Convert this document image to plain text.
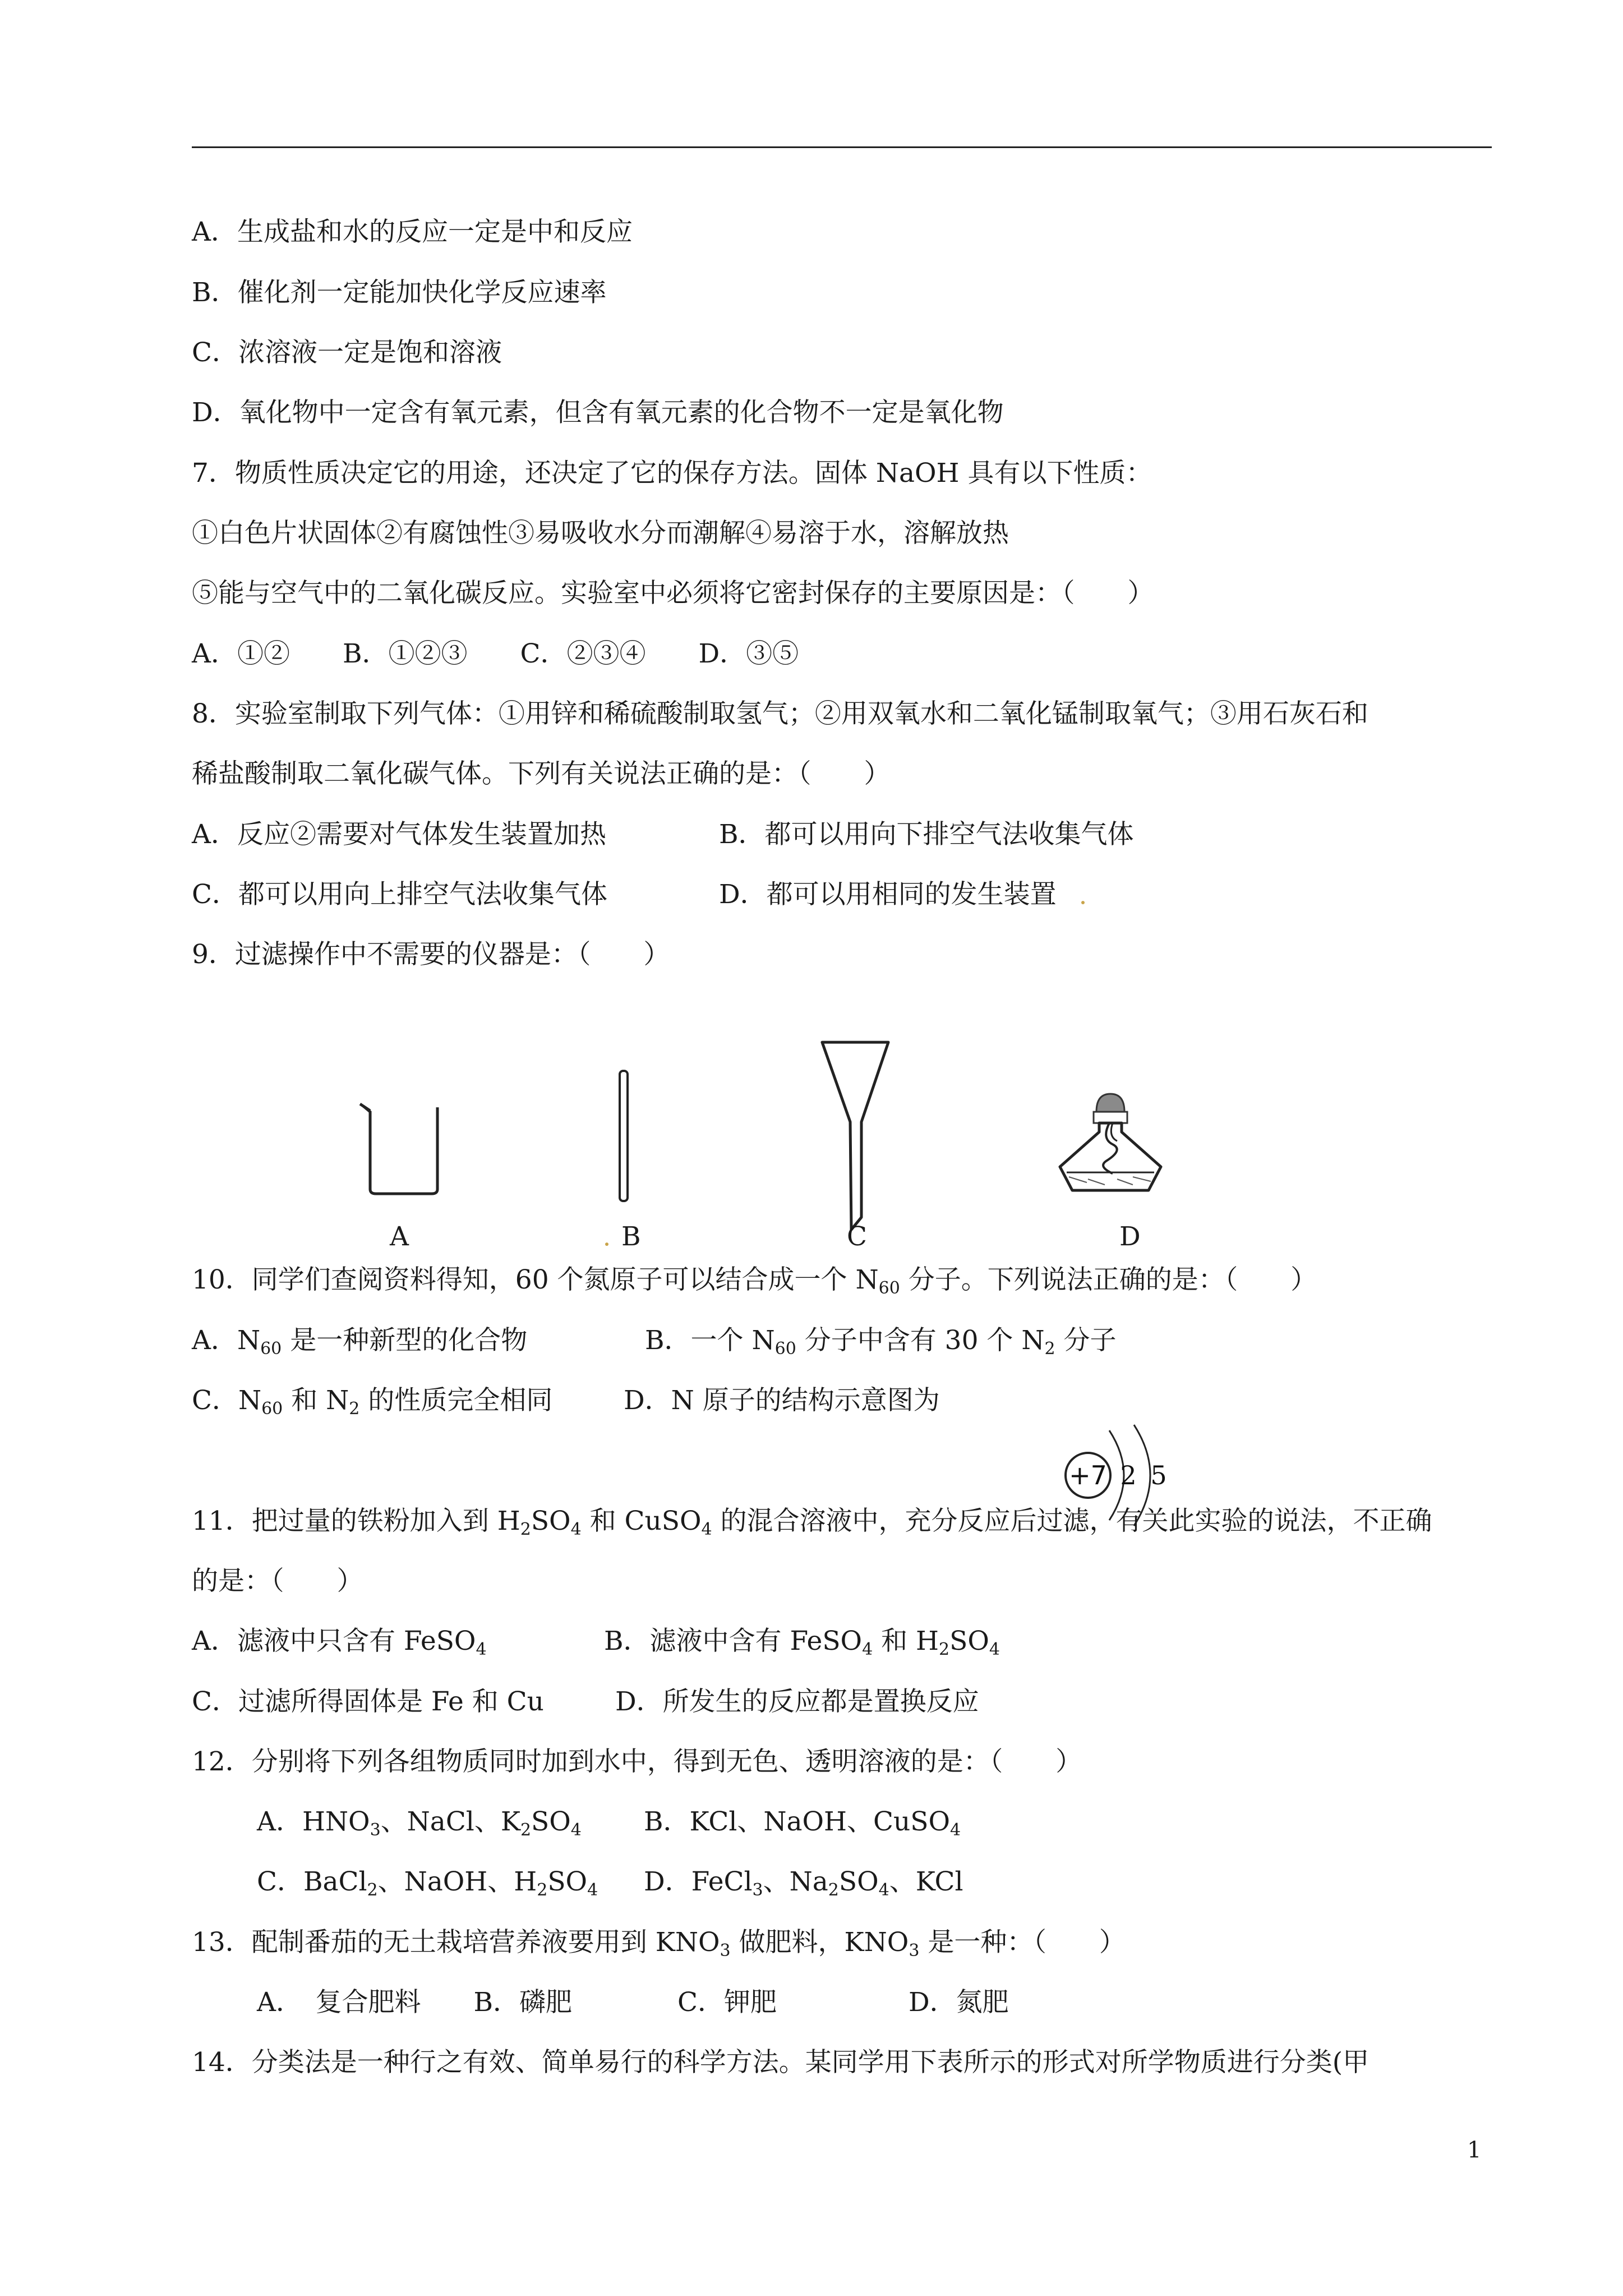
A．生成盐和水的反应一定是中和反应
B．催化剂一定能加快化学反应速率
C．浓溶液一定是饱和溶液
D．氧化物中一定含有氧元素，但含有氧元素的化合物不一定是氧化物
7．物质性质决定它的用途，还决定了它的保存方法。固体 NaOH 具有以下性质：
①白色片状固体②有腐蚀性③易吸收水分而潮解④易溶于水，溶解放热
⑤能与空气中的二氧化碳反应。实验室中必须将它密封保存的主要原因是：（　　）
A．①②　　B．①②③　　C．②③④　　D．③⑤
8．实验室制取下列气体：①用锌和稀硫酸制取氢气；②用双氧水和二氧化锰制取氧气；③用石灰石和
稀盐酸制取二氧化碳气体。下列有关说法正确的是：（　　）
A．反应②需要对气体发生装置加热	B．都可以用向下排空气法收集气体
C．都可以用向上排空气法收集气体	D．都可以用相同的发生装置
9．过滤操作中不需要的仪器是：（　　）
A	B	C	D
10．同学们查阅资料得知，60 个氮原子可以结合成一个 $N_{60}$ 分子。下列说法正确的是：（　　）
A．$N_{60}$ 是一种新型的化合物	B．一个 $N_{60}$ 分子中含有 30 个 $N_2$ 分子
C．$N_{60}$ 和 $N_2$ 的性质完全相同	D．N 原子的结构示意图为
+7 2 5
11．把过量的铁粉加入到 $H_2SO_4$ 和 CuSO$_4$ 的混合溶液中，充分反应后过滤，有关此实验的说法，不正确
的是：（　　）
A．滤液中只含有 FeSO$_4$	B．滤液中含有 FeSO$_4$ 和 $H_2SO_4$
C．过滤所得固体是 Fe 和 Cu	D．所发生的反应都是置换反应
12．分别将下列各组物质同时加到水中，得到无色、透明溶液的是：（　　）
A．$HNO_3$、NaCl、$K_2SO_4$ B．KCl、NaOH、CuSO$_4$
C．BaCl$_2$、NaOH、$H_2SO_4$ D．FeCl$_3$、$Na_2SO_4$、KCl
13．配制番茄的无土栽培营养液要用到 $KNO_3$ 做肥料，$KNO_3$ 是一种：（　　）
A．　复合肥料　　B．磷肥　　　　C．钾肥　　　　　D．氮肥
14．分类法是一种行之有效、简单易行的科学方法。某同学用下表所示的形式对所学物质进行分类(甲
1
